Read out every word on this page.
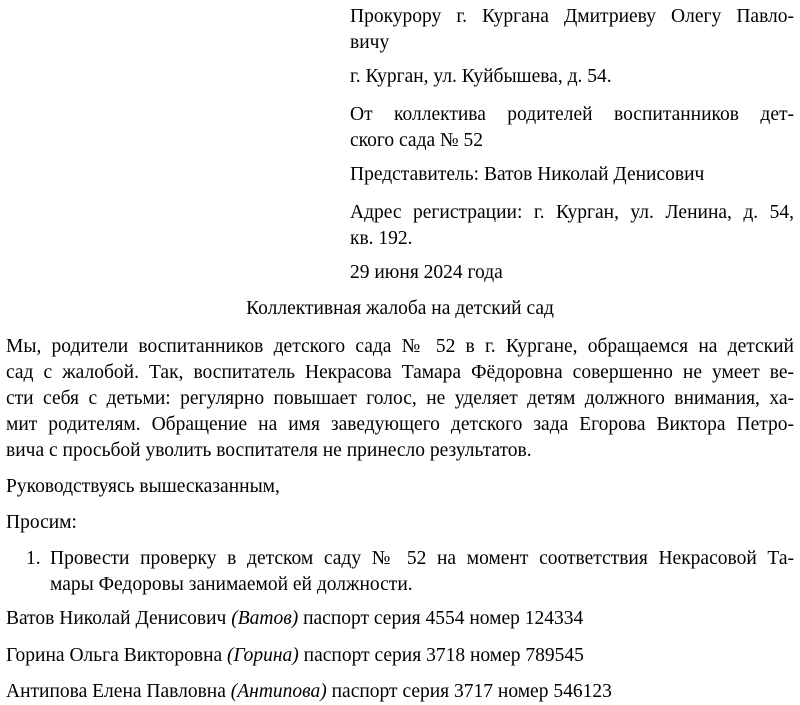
Прокурору г. Кургана Дмитриеву Олегу Павло-

вичу

г. Курган, ул. Куйбышева, д. 54.

От коллектива родителей воспитанников дет-

ского сада № 52

Представитель: Ватов Николай Денисович

Адрес регистрации: г. Курган, ул. Ленина, д. 54,

кв. 192.

29 июня 2024 года

Коллективная жалоба на детский сад

Мы, родители воспитанников детского сада № 52 в г. Кургане, обращаемся на детский

сад с жалобой. Так, воспитатель Некрасова Тамара Фёдоровна совершенно не умеет ве-

сти себя с детьми: регулярно повышает голос, не уделяет детям должного внимания, ха-

мит родителям. Обращение на имя заведующего детского зада Егорова Виктора Петро-

вича с просьбой уволить воспитателя не принесло результатов.

Руководствуясь вышесказанным,

Просим:

1. Провести проверку в детском саду № 52 на момент соответствия Некрасовой Та-

мары Федоровы занимаемой ей должности.

Ватов Николай Денисович (Ватов) паспорт серия 4554 номер 124334

Горина Ольга Викторовна (Горина) паспорт серия 3718 номер 789545

Антипова Елена Павловна (Антипова) паспорт серия 3717 номер 546123
